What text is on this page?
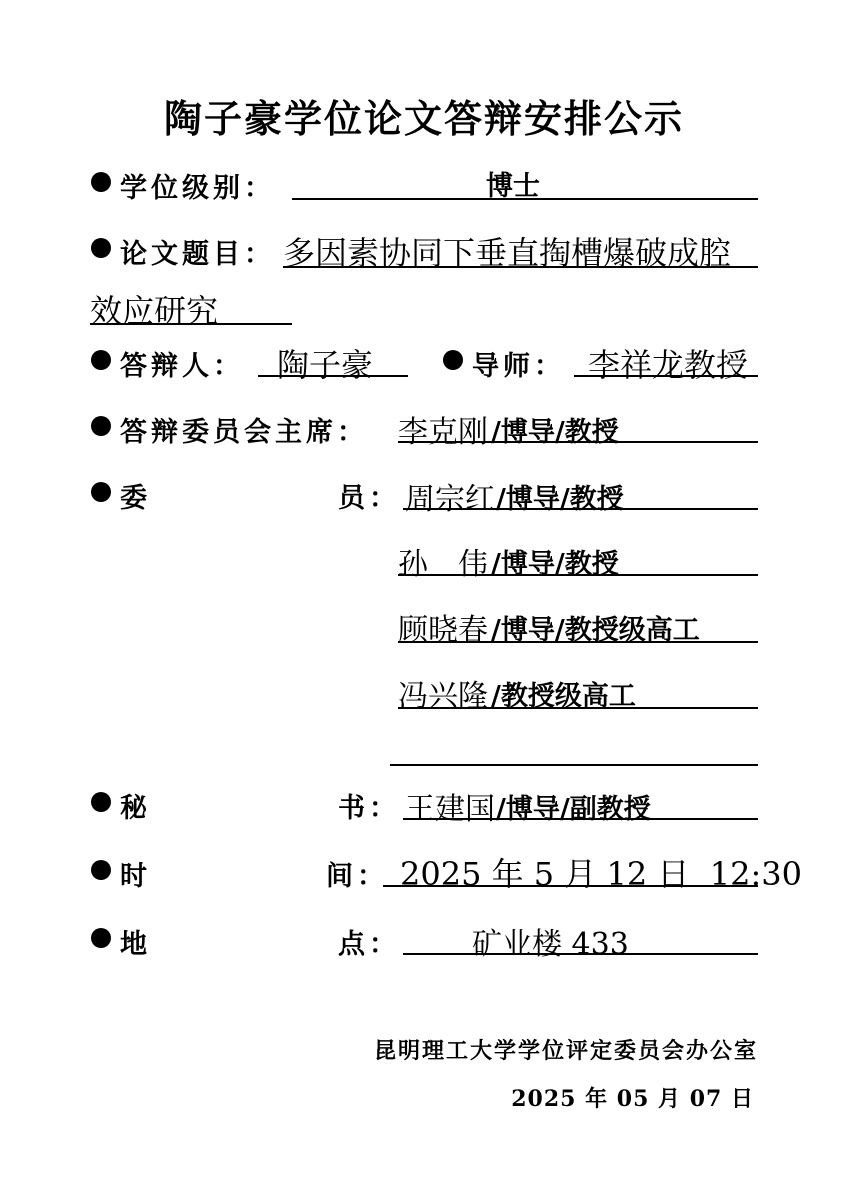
陶子豪学位论文答辩安排公示
学位级别：	博士
论文题目： 多因素协同下垂直掏槽爆破成腔
效应研究
答辩人： 陶子豪	导师： 李祥龙教授
答辩委员会主席： 李克刚 /博导/教授
委	员： 周宗红 /博导/教授
孙　伟 /博导/教授
顾晓春 /博导/教授级高工
冯兴隆 /教授级高工
秘	书： 王建国 /博导/副教授
时	间： 2025 年 5 月 12 日  12:30
地	点： 矿业楼 433
昆明理工大学学位评定委员会办公室
2025 年 05 月 07 日
